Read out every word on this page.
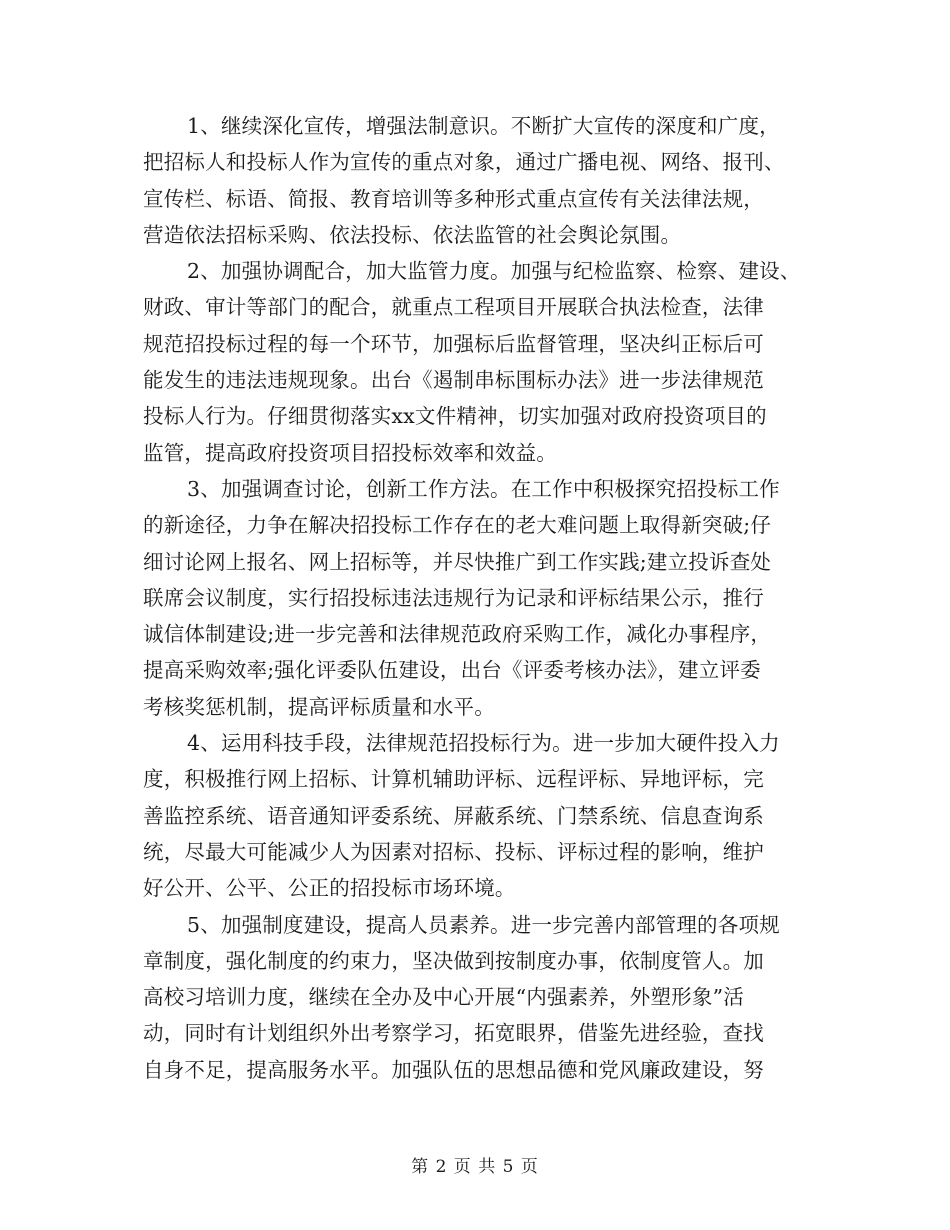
1、继续深化宣传，增强法制意识。不断扩大宣传的深度和广度，
把招标人和投标人作为宣传的重点对象，通过广播电视、网络、报刊、
宣传栏、标语、简报、教育培训等多种形式重点宣传有关法律法规，
营造依法招标采购、依法投标、依法监管的社会舆论氛围。

2、加强协调配合，加大监管力度。加强与纪检监察、检察、建设、
财政、审计等部门的配合，就重点工程项目开展联合执法检查，法律
规范招投标过程的每一个环节，加强标后监督管理，坚决纠正标后可
能发生的违法违规现象。出台《遏制串标围标办法》进一步法律规范
投标人行为。仔细贯彻落实xx文件精神，切实加强对政府投资项目的
监管，提高政府投资项目招投标效率和效益。

3、加强调查讨论，创新工作方法。在工作中积极探究招投标工作
的新途径，力争在解决招投标工作存在的老大难问题上取得新突破;仔
细讨论网上报名、网上招标等，并尽快推广到工作实践;建立投诉查处
联席会议制度，实行招投标违法违规行为记录和评标结果公示，推行
诚信体制建设;进一步完善和法律规范政府采购工作，减化办事程序，
提高采购效率;强化评委队伍建设，出台《评委考核办法》，建立评委
考核奖惩机制，提高评标质量和水平。

4、运用科技手段，法律规范招投标行为。进一步加大硬件投入力
度，积极推行网上招标、计算机辅助评标、远程评标、异地评标，完
善监控系统、语音通知评委系统、屏蔽系统、门禁系统、信息查询系
统，尽最大可能减少人为因素对招标、投标、评标过程的影响，维护
好公开、公平、公正的招投标市场环境。

5、加强制度建设，提高人员素养。进一步完善内部管理的各项规
章制度，强化制度的约束力，坚决做到按制度办事，依制度管人。加
高校习培训力度，继续在全办及中心开展“内强素养，外塑形象”活
动，同时有计划组织外出考察学习，拓宽眼界，借鉴先进经验，查找
自身不足，提高服务水平。加强队伍的思想品德和党风廉政建设，努

第 2 页 共 5 页
